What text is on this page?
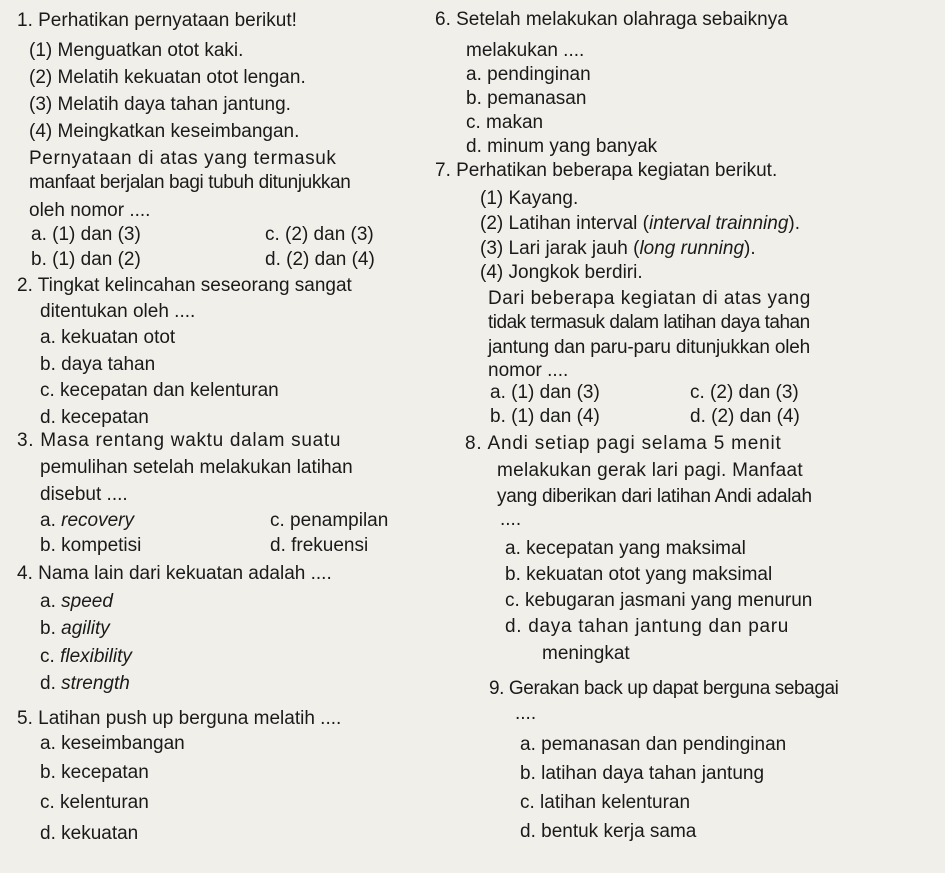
1. Perhatikan pernyataan berikut!
(1) Menguatkan otot kaki.
(2) Melatih kekuatan otot lengan.
(3) Melatih daya tahan jantung.
(4) Meingkatkan keseimbangan.
Pernyataan di atas yang termasuk
manfaat berjalan bagi tubuh ditunjukkan
oleh nomor ....
a. (1) dan (3)	c. (2) dan (3)
b. (1) dan (2)	d. (2) dan (4)
2. Tingkat kelincahan seseorang sangat
ditentukan oleh ....
a. kekuatan otot
b. daya tahan
c. kecepatan dan kelenturan
d. kecepatan
3. Masa rentang waktu dalam suatu
pemulihan setelah melakukan latihan
disebut ....
a. recovery	c. penampilan
b. kompetisi	d. frekuensi
4. Nama lain dari kekuatan adalah ....
a. speed
b. agility
c. flexibility
d. strength
5. Latihan push up berguna melatih ....
a. keseimbangan
b. kecepatan
c. kelenturan
d. kekuatan
6. Setelah melakukan olahraga sebaiknya
melakukan ....
a. pendinginan
b. pemanasan
c. makan
d. minum yang banyak
7. Perhatikan beberapa kegiatan berikut.
(1) Kayang.
(2) Latihan interval (interval trainning).
(3) Lari jarak jauh (long running).
(4) Jongkok berdiri.
Dari beberapa kegiatan di atas yang
tidak termasuk dalam latihan daya tahan
jantung dan paru-paru ditunjukkan oleh
nomor ....
a. (1) dan (3)	c. (2) dan (3)
b. (1) dan (4)	d. (2) dan (4)
8. Andi setiap pagi selama 5 menit
melakukan gerak lari pagi. Manfaat
yang diberikan dari latihan Andi adalah
....
a. kecepatan yang maksimal
b. kekuatan otot yang maksimal
c. kebugaran jasmani yang menurun
d. daya tahan jantung dan paru
meningkat
9. Gerakan back up dapat berguna sebagai
....
a. pemanasan dan pendinginan
b. latihan daya tahan jantung
c. latihan kelenturan
d. bentuk kerja sama
